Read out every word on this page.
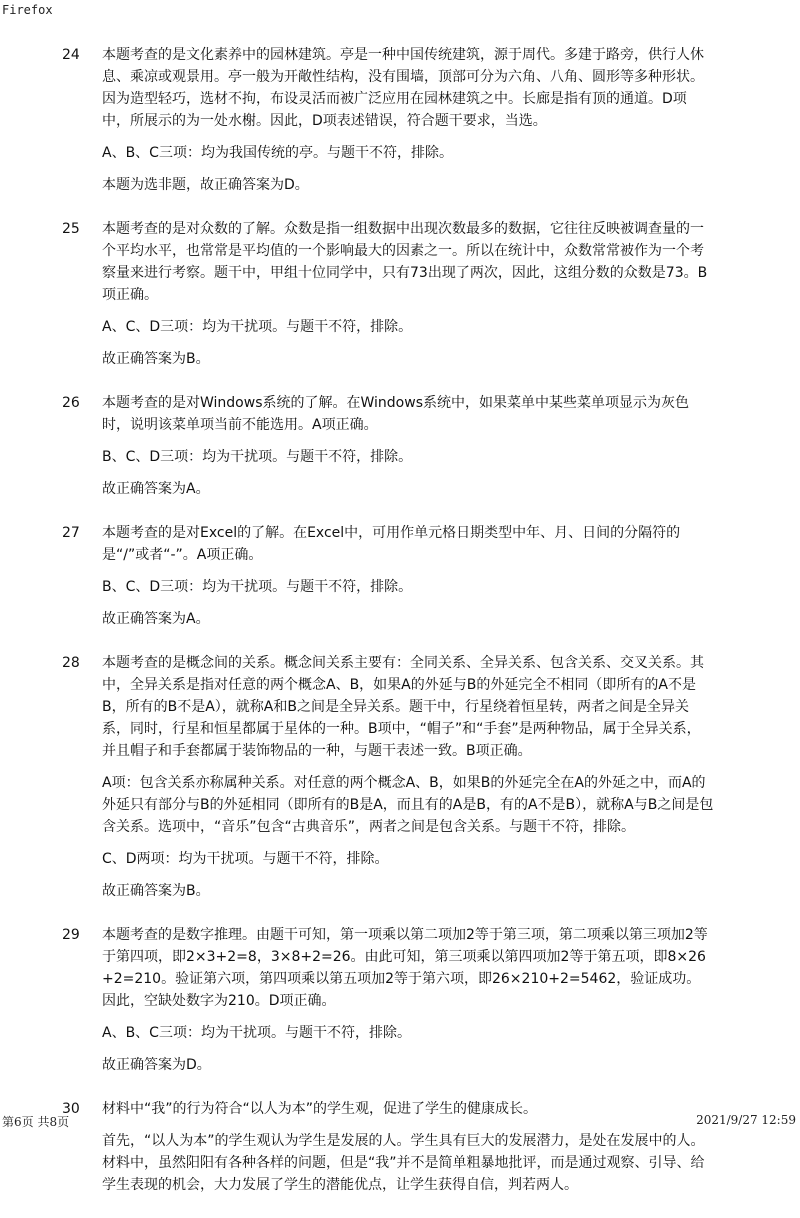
Firefox
24	本题考查的是文化素养中的园林建筑。亭是一种中国传统建筑，源于周代。多建于路旁，供行人休息、乘凉或观景用。亭一般为开敞性结构，没有围墙，顶部可分为六角、八角、圆形等多种形状。因为造型轻巧，选材不拘，布设灵活而被广泛应用在园林建筑之中。长廊是指有顶的通道。D项中，所展示的为一处水榭。因此，D项表述错误，符合题干要求，当选。

A、B、C三项：均为我国传统的亭。与题干不符，排除。

本题为选非题，故正确答案为D。

25	本题考查的是对众数的了解。众数是指一组数据中出现次数最多的数据，它往往反映被调查量的一个平均水平，也常常是平均值的一个影响最大的因素之一。所以在统计中，众数常常被作为一个考察量来进行考察。题干中，甲组十位同学中，只有73出现了两次，因此，这组分数的众数是73。B项正确。

A、C、D三项：均为干扰项。与题干不符，排除。

故正确答案为B。

26	本题考查的是对Windows系统的了解。在Windows系统中，如果菜单中某些菜单项显示为灰色时，说明该菜单项当前不能选用。A项正确。

B、C、D三项：均为干扰项。与题干不符，排除。

故正确答案为A。

27	本题考查的是对Excel的了解。在Excel中，可用作单元格日期类型中年、月、日间的分隔符的是“/”或者“-”。A项正确。

B、C、D三项：均为干扰项。与题干不符，排除。

故正确答案为A。

28	本题考查的是概念间的关系。概念间关系主要有：全同关系、全异关系、包含关系、交叉关系。其中，全异关系是指对任意的两个概念A、B，如果A的外延与B的外延完全不相同（即所有的A不是B，所有的B不是A），就称A和B之间是全异关系。题干中，行星绕着恒星转，两者之间是全异关系，同时，行星和恒星都属于星体的一种。B项中，“帽子”和“手套”是两种物品，属于全异关系，并且帽子和手套都属于装饰物品的一种，与题干表述一致。B项正确。

A项：包含关系亦称属种关系。对任意的两个概念A、B，如果B的外延完全在A的外延之中，而A的外延只有部分与B的外延相同（即所有的B是A，而且有的A是B，有的A不是B），就称A与B之间是包含关系。选项中，“音乐”包含“古典音乐”，两者之间是包含关系。与题干不符，排除。

C、D两项：均为干扰项。与题干不符，排除。

故正确答案为B。

29	本题考查的是数字推理。由题干可知，第一项乘以第二项加2等于第三项，第二项乘以第三项加2等于第四项，即2×3+2=8，3×8+2=26。由此可知，第三项乘以第四项加2等于第五项，即8×26+2=210。验证第六项，第四项乘以第五项加2等于第六项，即26×210+2=5462，验证成功。因此，空缺处数字为210。D项正确。

A、B、C三项：均为干扰项。与题干不符，排除。

故正确答案为D。

30	材料中“我”的行为符合“以人为本”的学生观，促进了学生的健康成长。

首先，“以人为本”的学生观认为学生是发展的人。学生具有巨大的发展潜力，是处在发展中的人。材料中，虽然阳阳有各种各样的问题，但是“我”并不是简单粗暴地批评，而是通过观察、引导、给学生表现的机会，大力发展了学生的潜能优点，让学生获得自信，判若两人。

第6页 共8页	2021/9/27 12:59
